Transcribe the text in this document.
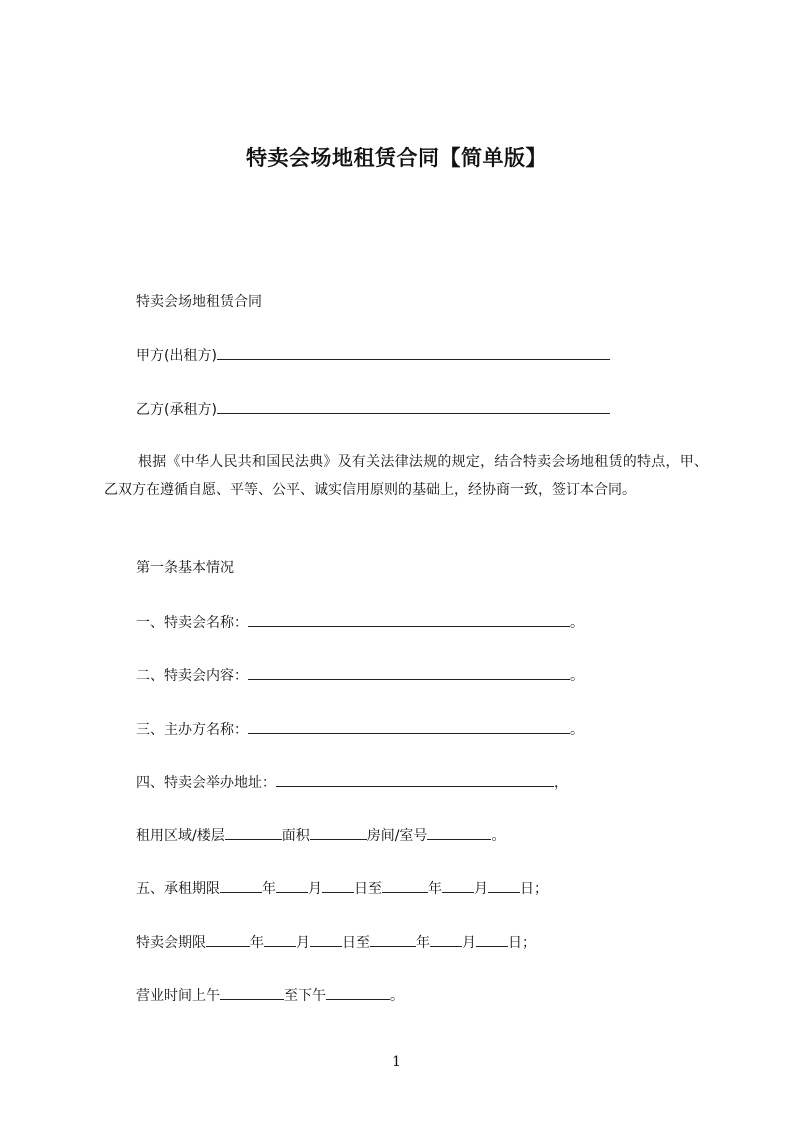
特卖会场地租赁合同【简单版】
特卖会场地租赁合同
甲方(出租方)
乙方(承租方)
根据《中华人民共和国民法典》及有关法律法规的规定，结合特卖会场地租赁的特点，甲、乙双方在遵循自愿、平等、公平、诚实信用原则的基础上，经协商一致，签订本合同。
第一条基本情况
一、特卖会名称：	。
二、特卖会内容：	。
三、主办方名称：	。
四、特卖会举办地址：	，
租用区域/楼层	面积	房间/室号	。
五、承租期限	年 月 日至	年 月 日；
特卖会期限	年 月 日至	年 月 日；
营业时间上午	至下午	。
1
